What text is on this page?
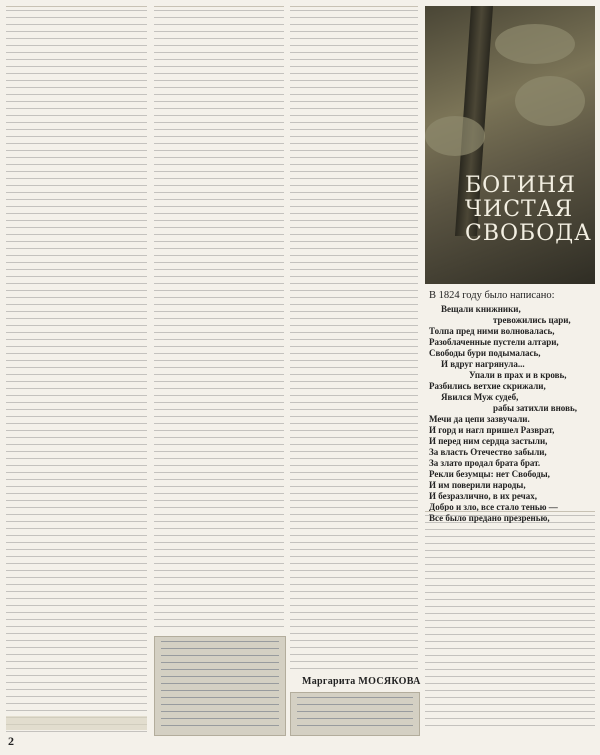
Маргарита МОСЯКОВА
БОГИНЯ
ЧИСТАЯ
СВОБОДА
В 1824 году было написано:
Вещали книжники,
тревожились цари,
Толпа пред ними волновалась,
Разоблаченные пустели алтари,
Свободы бури подымалась,
И вдруг нагрянула...
Упали в прах и в кровь,
Разбились ветхие скрижали,
Явился Муж судеб,
рабы затихли вновь,
Мечи да цепи зазвучали.
И горд и нагл пришел Разврат,
И перед ним сердца застыли,
За власть Отечество забыли,
За злато продал брата брат.
Рекли безумцы: нет Свободы,
И им поверили народы,
И безразлично, в их речах,
Добро и зло, все стало тенью —
Все было предано презренью,
2
